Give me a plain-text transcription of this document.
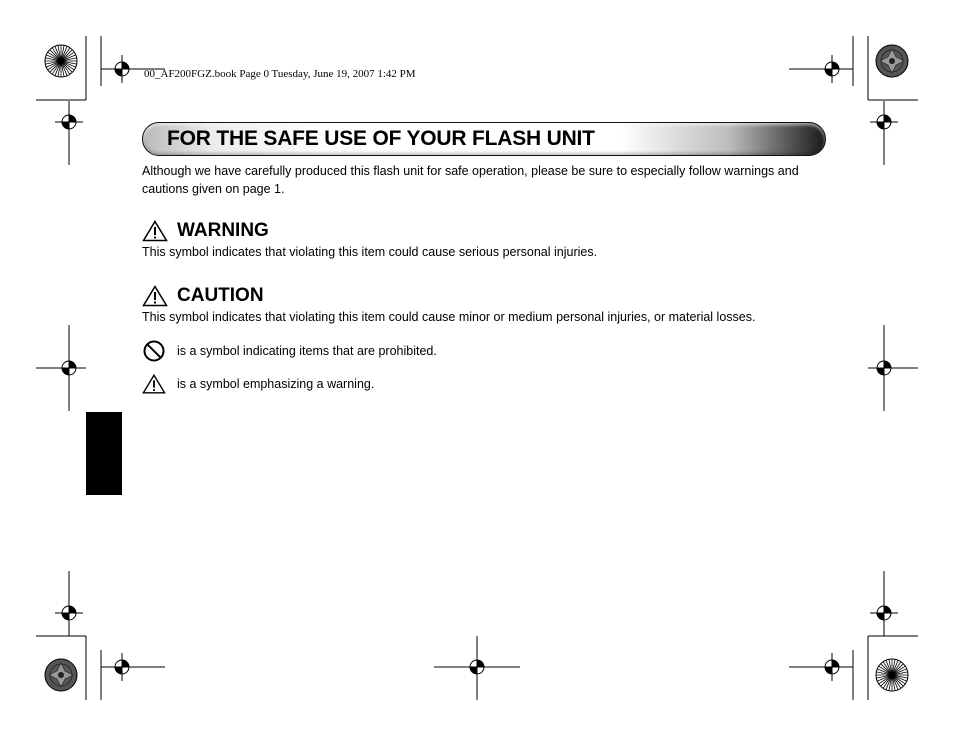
00_AF200FGZ.book Page 0 Tuesday, June 19, 2007 1:42 PM
FOR THE SAFE USE OF YOUR FLASH UNIT
Although we have carefully produced this flash unit for safe operation, please be sure to especially follow warnings and cautions given on page 1.
WARNING
This symbol indicates that violating this item could cause serious personal injuries.
CAUTION
This symbol indicates that violating this item could cause minor or medium personal injuries, or material losses.
is a symbol indicating items that are prohibited.
is a symbol emphasizing a warning.
